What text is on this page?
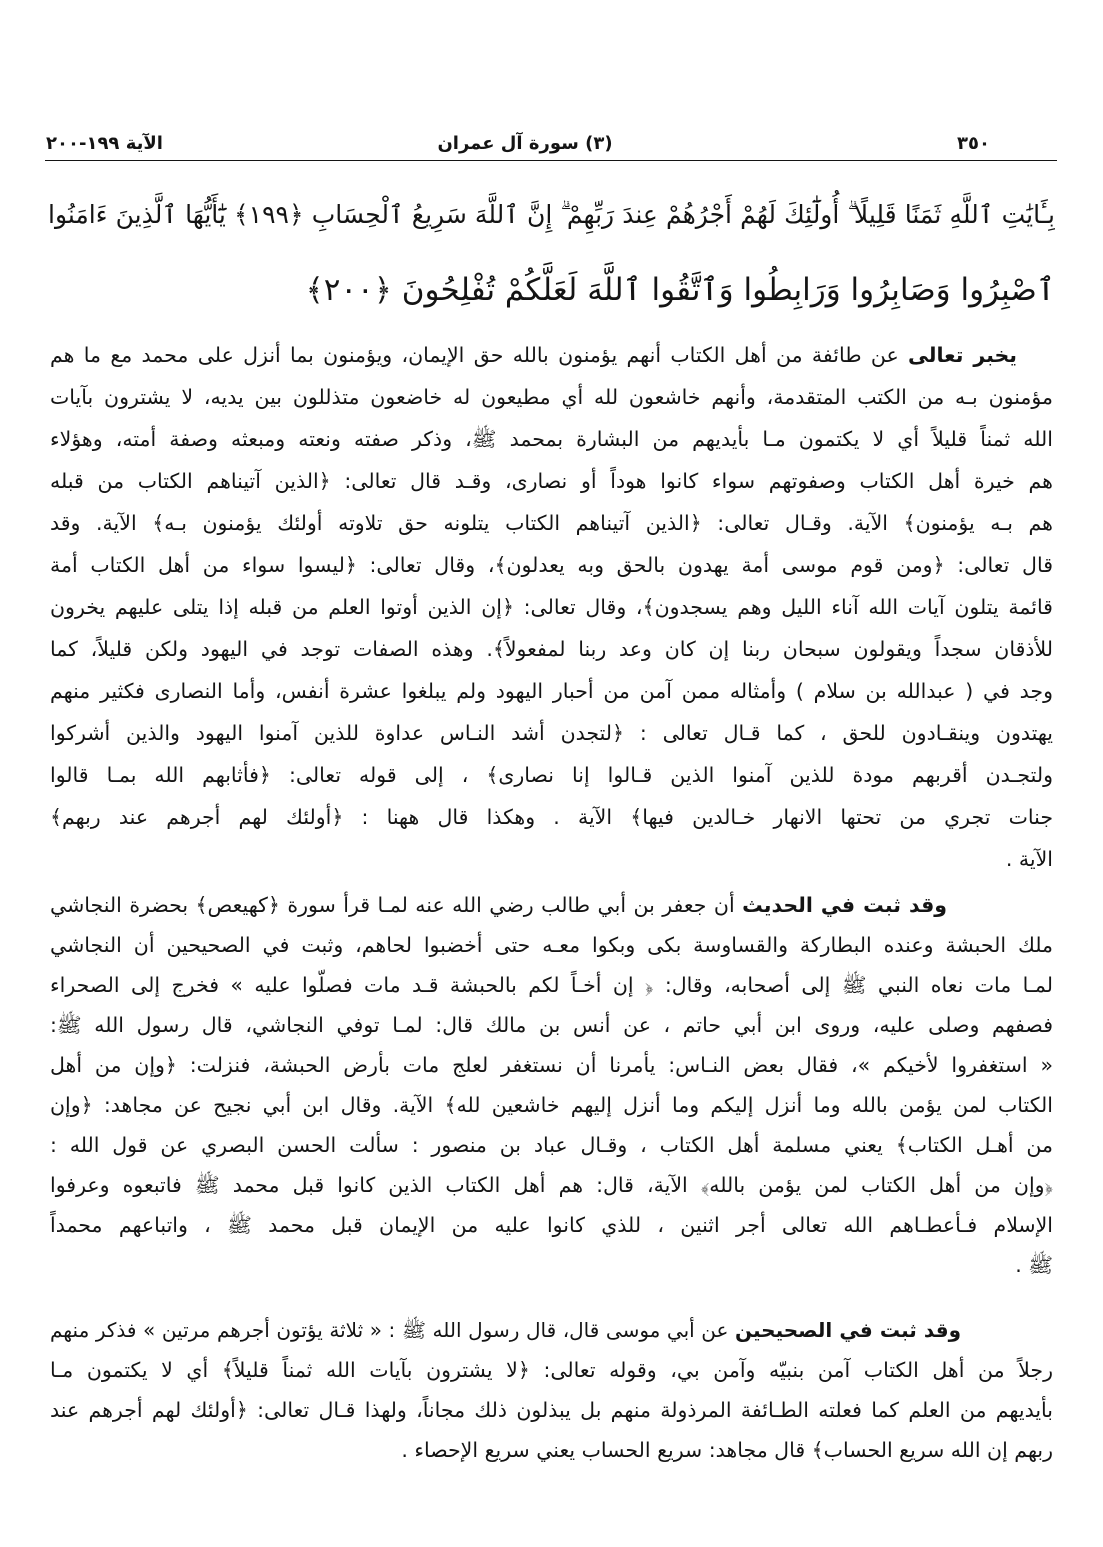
٣٥٠
(٣) سورة آل عمران
الآية ١٩٩-٢٠٠
بِـَٔايَٰتِ ٱللَّهِ ثَمَنًا قَلِيلًا ۗ أُولَٰٓئِكَ لَهُمْ أَجْرُهُمْ عِندَ رَبِّهِمْ ۗ إِنَّ ٱللَّهَ سَرِيعُ ٱلْحِسَابِ ﴿١٩٩﴾ يَٰٓأَيُّهَا ٱلَّذِينَ ءَامَنُوا
ٱصْبِرُوا وَصَابِرُوا وَرَابِطُوا وَٱتَّقُوا ٱللَّهَ لَعَلَّكُمْ تُفْلِحُونَ ﴿٢٠٠﴾
يخبر تعالى عن طائفة من أهل الكتاب أنهم يؤمنون بالله حق الإيمان، ويؤمنون بما أنزل على محمد مع ما هم
مؤمنون بـه من الكتب المتقدمة، وأنهم خاشعون لله أي مطيعون له خاضعون متذللون بين يديه، لا يشترون بآيات
الله ثمناً قليلاً أي لا يكتمون مـا بأيديهم من البشارة بمحمد ﷺ، وذكر صفته ونعته ومبعثه وصفة أمته، وهؤلاء
هم خيرة أهل الكتاب وصفوتهم سواء كانوا هوداً أو نصارى، وقـد قال تعالى: ﴿الذين آتيناهم الكتاب من قبله
هم بـه يؤمنون﴾ الآية. وقـال تعالى: ﴿الذين آتيناهم الكتاب يتلونه حق تلاوته أولئك يؤمنون بـه﴾ الآية. وقد
قال تعالى: ﴿ومن قوم موسى أمة يهدون بالحق وبه يعدلون﴾، وقال تعالى: ﴿ليسوا سواء من أهل الكتاب أمة
قائمة يتلون آيات الله آناء الليل وهم يسجدون﴾، وقال تعالى: ﴿إن الذين أوتوا العلم من قبله إذا يتلى عليهم يخرون
للأذقان سجداً ويقولون سبحان ربنا إن كان وعد ربنا لمفعولاً﴾. وهذه الصفات توجد في اليهود ولكن قليلاً، كما
وجد في ( عبدالله بن سلام ) وأمثاله ممن آمن من أحبار اليهود ولم يبلغوا عشرة أنفس، وأما النصارى فكثير منهم
يهتدون وينقـادون للحق ، كما قـال تعالى : ﴿لتجدن أشد النـاس عداوة للذين آمنوا اليهود والذين أشركوا
ولتجـدن أقربهم مودة للذين آمنوا الذين قـالوا إنا نصارى﴾ ، إلى قوله تعالى: ﴿فأثابهم الله بمـا قالوا
جنات تجري من تحتها الانهار خـالدين فيها﴾ الآية . وهكذا قال ههنا : ﴿أولئك لهم أجرهم عند ربهم﴾
الآية .
وقد ثبت في الحديث أن جعفر بن أبي طالب رضي الله عنه لمـا قرأ سورة ﴿كهيعص﴾ بحضرة النجاشي
ملك الحبشة وعنده البطاركة والقساوسة بكى وبكوا معـه حتى أخضبوا لحاهم، وثبت في الصحيحين أن النجاشي
لمـا مات نعاه النبي ﷺ إلى أصحابه، وقال: ﴿ إن أخـاً لكم بالحبشة قـد مات فصلّوا عليه » فخرج إلى الصحراء
فصفهم وصلى عليه، وروى ابن أبي حاتم ، عن أنس بن مالك قال: لمـا توفي النجاشي، قال رسول الله ﷺ:
« استغفروا لأخيكم »، فقال بعض النـاس: يأمرنا أن نستغفر لعلج مات بأرض الحبشة، فنزلت: ﴿وإن من أهل
الكتاب لمن يؤمن بالله وما أنزل إليكم وما أنزل إليهم خاشعين لله﴾ الآية. وقال ابن أبي نجيح عن مجاهد: ﴿وإن
من أهـل الكتاب﴾ يعني مسلمة أهل الكتاب ، وقـال عباد بن منصور : سألت الحسن البصري عن قول الله :
﴿وإن من أهل الكتاب لمن يؤمن بالله﴾ الآية، قال: هم أهل الكتاب الذين كانوا قبل محمد ﷺ فاتبعوه وعرفوا
الإسلام فـأعطـاهم الله تعالى أجر اثنين ، للذي كانوا عليه من الإيمان قبل محمد ﷺ ، واتباعهم محمداً
ﷺ .
وقد ثبت في الصحيحين عن أبي موسى قال، قال رسول الله ﷺ : « ثلاثة يؤتون أجرهم مرتين » فذكر منهم
رجلاً من أهل الكتاب آمن بنبيّه وآمن بي، وقوله تعالى: ﴿لا يشترون بآيات الله ثمناً قليلاً﴾ أي لا يكتمون مـا
بأيديهم من العلم كما فعلته الطـائفة المرذولة منهم بل يبذلون ذلك مجاناً، ولهذا قـال تعالى: ﴿أولئك لهم أجرهم عند
ربهم إن الله سريع الحساب﴾ قال مجاهد: سريع الحساب يعني سريع الإحصاء .
